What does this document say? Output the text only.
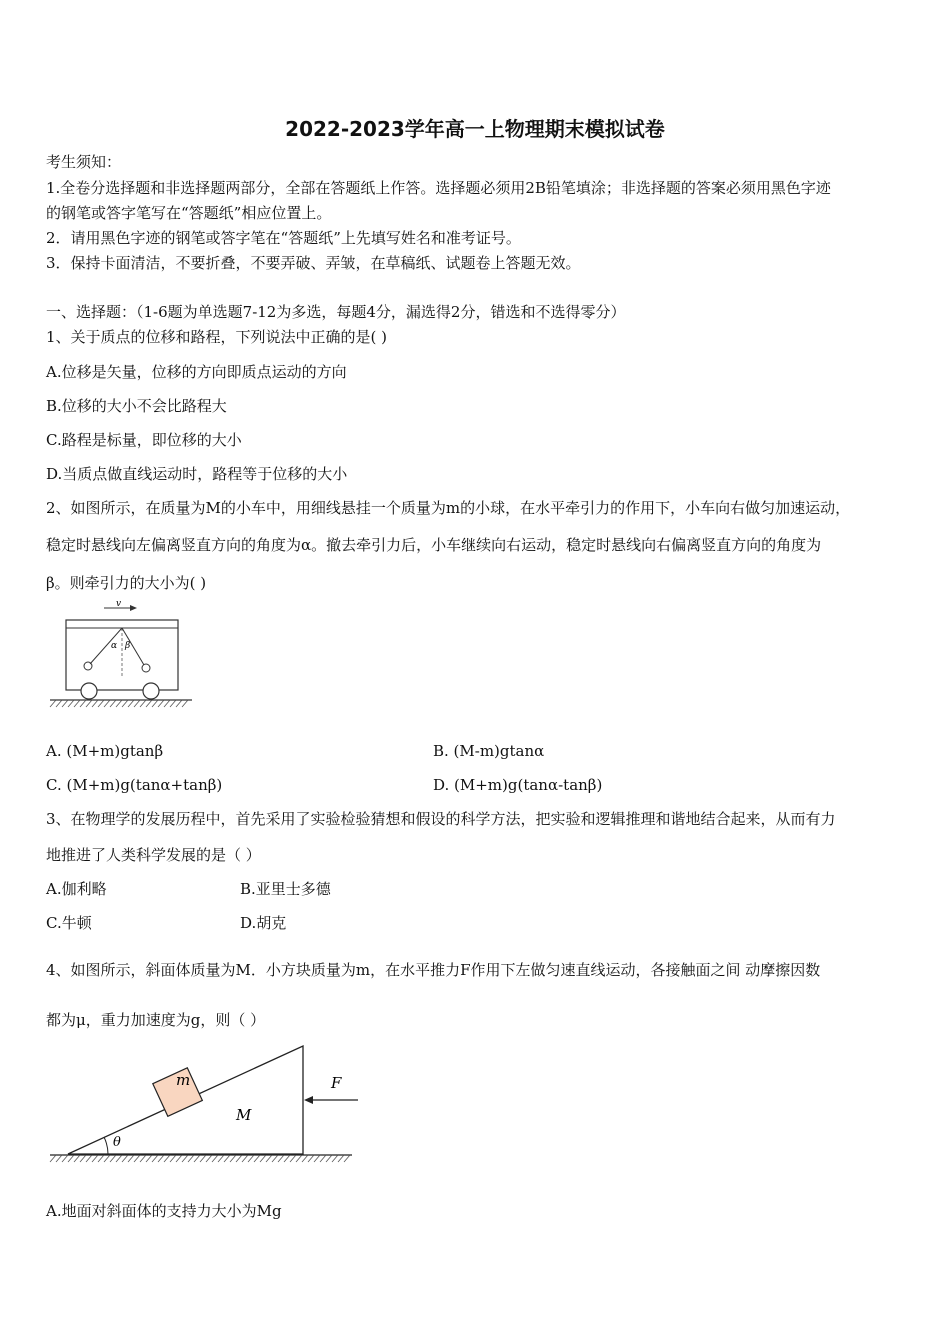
2022-2023学年高一上物理期末模拟试卷
考生须知：
1.全卷分选择题和非选择题两部分，全部在答题纸上作答。选择题必须用2B铅笔填涂；非选择题的答案必须用黑色字迹
的钢笔或答字笔写在“答题纸”相应位置上。
2．请用黑色字迹的钢笔或答字笔在“答题纸”上先填写姓名和准考证号。
3．保持卡面清洁，不要折叠，不要弄破、弄皱，在草稿纸、试题卷上答题无效。
一、选择题：（1-6题为单选题7-12为多选，每题4分，漏选得2分，错选和不选得零分）
1、关于质点的位移和路程，下列说法中正确的是( )
A.位移是矢量，位移的方向即质点运动的方向
B.位移的大小不会比路程大
C.路程是标量，即位移的大小
D.当质点做直线运动时，路程等于位移的大小
2、如图所示，在质量为M的小车中，用细线悬挂一个质量为m的小球，在水平牵引力的作用下，小车向右做匀加速运动，
稳定时悬线向左偏离竖直方向的角度为α。撤去牵引力后，小车继续向右运动，稳定时悬线向右偏离竖直方向的角度为
β。则牵引力的大小为( )
v
α β
A. (M+m)gtanβ	B. (M-m)gtanα
C. (M+m)g(tanα+tanβ)	D. (M+m)g(tanα-tanβ)
3、在物理学的发展历程中，首先采用了实验检验猜想和假设的科学方法，把实验和逻辑推理和谐地结合起来，从而有力
地推进了人类科学发展的是（ ）
A.伽利略	B.亚里士多德
C.牛顿	D.胡克
4、如图所示，斜面体质量为M．小方块质量为m，在水平推力F作用下左做匀速直线运动，各接触面之间 动摩擦因数
都为μ，重力加速度为g，则（ ）
m
M
F
θ
A.地面对斜面体的支持力大小为Mg
